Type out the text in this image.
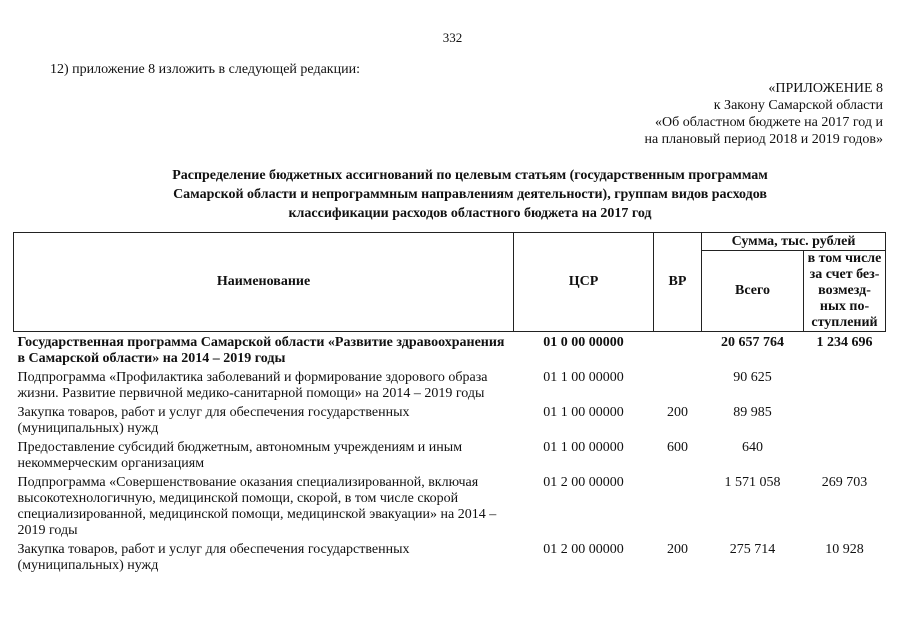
332
12) приложение 8 изложить в следующей редакции:
«ПРИЛОЖЕНИЕ 8
к Закону Самарской области
«Об областном бюджете на 2017 год и
на плановый период 2018 и 2019 годов»
Распределение бюджетных ассигнований по целевым статьям (государственным программам
Самарской области и непрограммным направлениям деятельности), группам видов расходов
классификации расходов областного бюджета на 2017 год
Наименование	ЦСР	ВР	Сумма, тыс. рублей	
			Всего	в том числе за счет без-возмезд-ных по-ступлений
Государственная программа Самарской области «Развитие здравоохранения в Самарской области» на 2014 – 2019 годы	01 0 00 00000		20 657 764	1 234 696
Подпрограмма «Профилактика заболеваний и формирование здорового образа жизни. Развитие первичной медико-санитарной помощи» на 2014 – 2019 годы	01 1 00 00000		90 625	
Закупка товаров, работ и услуг для обеспечения государственных (муниципальных) нужд	01 1 00 00000	200	89 985	
Предоставление субсидий бюджетным, автономным учреждениям и иным некоммерческим организациям	01 1 00 00000	600	640	
Подпрограмма «Совершенствование оказания специализированной, включая высокотехнологичную, медицинской помощи, скорой, в том числе скорой специализированной, медицинской помощи, медицинской эвакуации» на 2014 – 2019 годы	01 2 00 00000		1 571 058	269 703
Закупка товаров, работ и услуг для обеспечения государственных (муниципальных) нужд	01 2 00 00000	200	275 714	10 928
